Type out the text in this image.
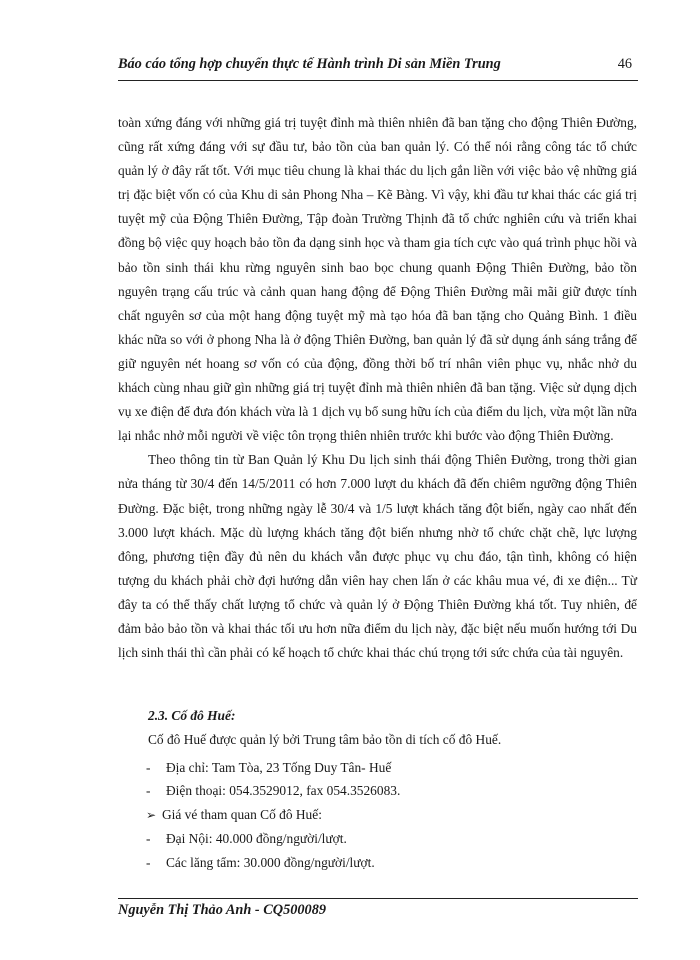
Báo cáo tổng hợp chuyến thực tế Hành trình Di sản Miền Trung	46

toàn xứng đáng với những giá trị tuyệt đỉnh mà thiên nhiên đã ban tặng cho động Thiên Đường, cũng rất xứng đáng với sự đầu tư, bảo tồn của ban quản lý. Có thể nói rằng công tác tổ chức quản lý ở đây rất tốt. Với mục tiêu chung là khai thác du lịch gắn liền với việc bảo vệ những giá trị đặc biệt vốn có của Khu di sản Phong Nha – Kẽ Bàng. Vì vậy, khi đầu tư khai thác các giá trị tuyệt mỹ của Động Thiên Đường, Tập đoàn Trường Thịnh đã tổ chức nghiên cứu và triển khai đồng bộ việc quy hoạch bảo tồn đa dạng sinh học và tham gia tích cực vào quá trình phục hồi và bảo tồn sinh thái khu rừng nguyên sinh bao bọc chung quanh Động Thiên Đường, bảo tồn nguyên trạng cấu trúc và cảnh quan hang động để Động Thiên Đường mãi mãi giữ được tính chất nguyên sơ của một hang động tuyệt mỹ mà tạo hóa đã ban tặng cho Quảng Bình. 1 điều khác nữa so với ở phong Nha là ở động Thiên Đường, ban quản lý đã sử dụng ánh sáng trắng để giữ nguyên nét hoang sơ vốn có của động, đồng thời bố trí nhân viên phục vụ, nhắc nhở du khách cùng nhau giữ gìn những giá trị tuyệt đỉnh mà thiên nhiên đã ban tặng. Việc sử dụng dịch vụ xe điện để đưa đón khách vừa là 1 dịch vụ bổ sung hữu ích của điểm du lịch, vừa một lần nữa lại nhắc nhở mỗi người về việc tôn trọng thiên nhiên trước khi bước vào động Thiên Đường.

Theo thông tin từ Ban Quản lý Khu Du lịch sinh thái động Thiên Đường, trong thời gian nửa tháng từ 30/4 đến 14/5/2011 có hơn 7.000 lượt du khách đã đến chiêm ngưỡng động Thiên Đường. Đặc biệt, trong những ngày lễ 30/4 và 1/5 lượt khách tăng đột biến, ngày cao nhất đến 3.000 lượt khách. Mặc dù lượng khách tăng đột biến nhưng nhờ tổ chức chặt chẽ, lực lượng đông, phương tiện đầy đủ nên du khách vẫn được phục vụ chu đáo, tận tình, không có hiện tượng du khách phải chờ đợi hướng dẫn viên hay chen lấn ở các khâu mua vé, đi xe điện... Từ đây ta có thể thấy chất lượng tổ chức và quản lý ở Động Thiên Đường khá tốt. Tuy nhiên, để đảm bảo bảo tồn và khai thác tối ưu hơn nữa điểm du lịch này, đặc biệt nếu muốn hướng tới Du lịch sinh thái thì cần phải có kế hoạch tổ chức khai thác chú trọng tới sức chứa của tài nguyên.

2.3. Cố đô Huế:
Cố đô Huế được quản lý bởi Trung tâm bảo tồn di tích cố đô Huế.
- Địa chỉ: Tam Tòa, 23 Tống Duy Tân- Huế
- Điện thoại: 054.3529012, fax 054.3526083.
➢ Giá vé tham quan Cố đô Huế:
- Đại Nội: 40.000 đồng/người/lượt.
- Các lăng tẩm: 30.000 đồng/người/lượt.
Nguyễn Thị Thảo Anh - CQ500089
